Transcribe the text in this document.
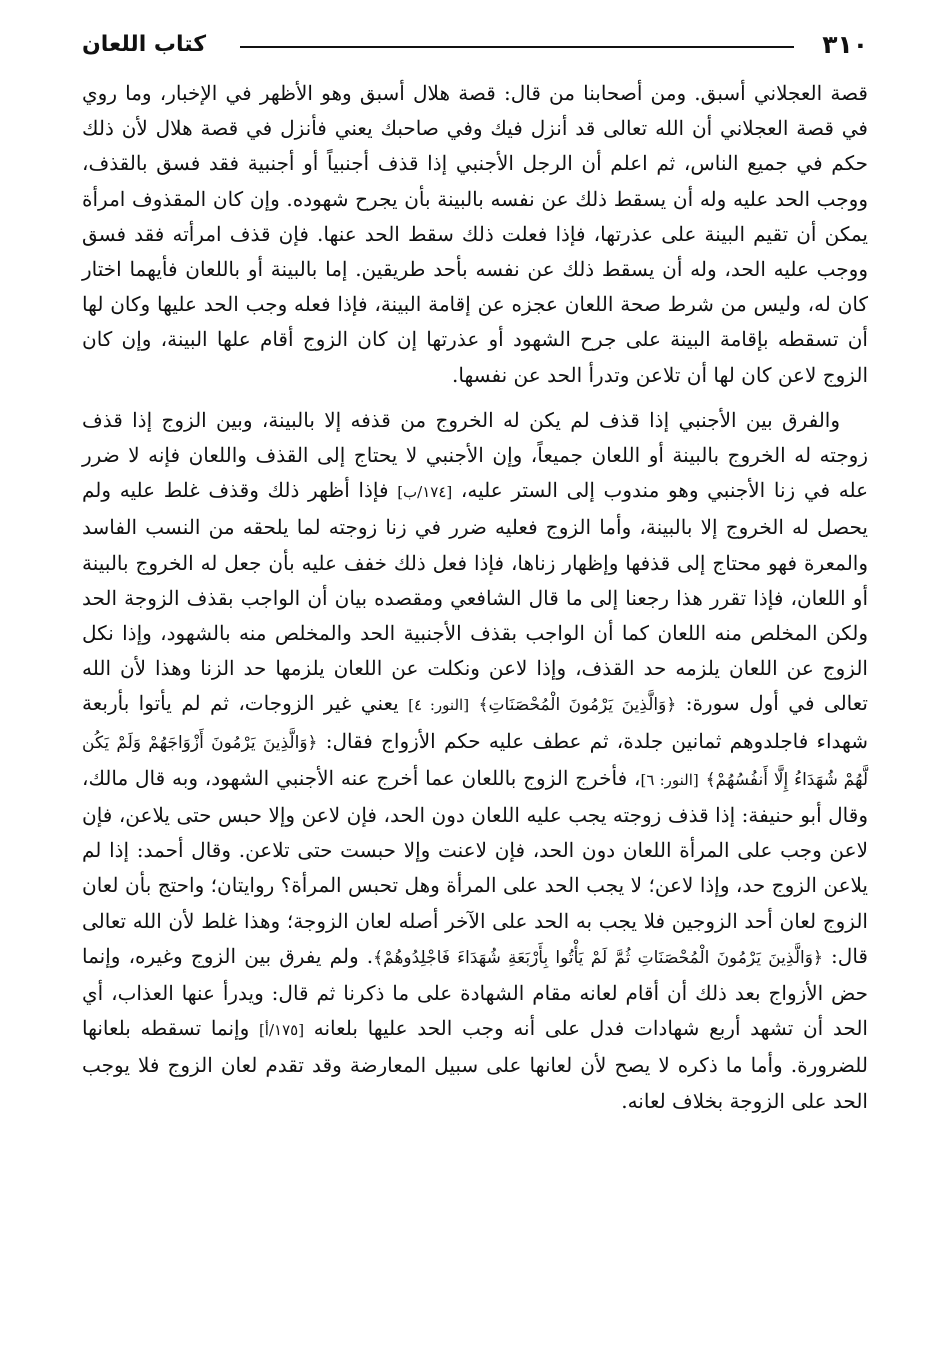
٣١٠
كتاب اللعان

قصة العجلاني أسبق. ومن أصحابنا من قال: قصة هلال أسبق وهو الأظهر في الإخبار، وما روي في قصة العجلاني أن الله تعالى قد أنزل فيك وفي صاحبك يعني فأنزل في قصة هلال لأن ذلك حكم في جميع الناس، ثم اعلم أن الرجل الأجنبي إذا قذف أجنبياً أو أجنبية فقد فسق بالقذف، ووجب الحد عليه وله أن يسقط ذلك عن نفسه بالبينة بأن يجرح شهوده. وإن كان المقذوف امرأة يمكن أن تقيم البينة على عذرتها، فإذا فعلت ذلك سقط الحد عنها. فإن قذف امرأته فقد فسق ووجب عليه الحد، وله أن يسقط ذلك عن نفسه بأحد طريقين. إما بالبينة أو باللعان فأيهما اختار كان له، وليس من شرط صحة اللعان عجزه عن إقامة البينة، فإذا فعله وجب الحد عليها وكان لها أن تسقطه بإقامة البينة على جرح الشهود أو عذرتها إن كان الزوج أقام علها البينة، وإن كان الزوج لاعن كان لها أن تلاعن وتدرأ الحد عن نفسها.

والفرق بين الأجنبي إذا قذف لم يكن له الخروج من قذفه إلا بالبينة، وبين الزوج إذا قذف زوجته له الخروج بالبينة أو اللعان جميعاً، وإن الأجنبي لا يحتاج إلى القذف واللعان فإنه لا ضرر عله في زنا الأجنبي وهو مندوب إلى الستر عليه، [١٧٤/ب] فإذا أظهر ذلك وقذف غلط عليه ولم يحصل له الخروج إلا بالبينة، وأما الزوج فعليه ضرر في زنا زوجته لما يلحقه من النسب الفاسد والمعرة فهو محتاج إلى قذفها وإظهار زناها، فإذا فعل ذلك خفف عليه بأن جعل له الخروج بالبينة أو اللعان، فإذا تقرر هذا رجعنا إلى ما قال الشافعي ومقصده بيان أن الواجب بقذف الزوجة الحد ولكن المخلص منه اللعان كما أن الواجب بقذف الأجنبية الحد والمخلص منه بالشهود، وإذا نكل الزوج عن اللعان يلزمه حد القذف، وإذا لاعن ونكلت عن اللعان يلزمها حد الزنا وهذا لأن الله تعالى في أول سورة: ﴿ وَالَّذِينَ يَرْمُونَ الْمُحْصَنَاتِ ﴾ [النور: ٤] يعني غير الزوجات، ثم لم يأتوا بأربعة شهداء فاجلدوهم ثمانين جلدة، ثم عطف عليه حكم الأزواج فقال: ﴿ وَالَّذِينَ يَرْمُونَ أَزْوَاجَهُمْ وَلَمْ يَكُن لَّهُمْ شُهَدَاءُ إِلَّا أَنفُسُهُمْ ﴾ [النور: ٦]، فأخرج الزوج باللعان عما أخرج عنه الأجنبي الشهود، وبه قال مالك، وقال أبو حنيفة: إذا قذف زوجته يجب عليه اللعان دون الحد، فإن لاعن وإلا حبس حتى يلاعن، فإن لاعن وجب على المرأة اللعان دون الحد، فإن لاعنت وإلا حبست حتى تلاعن. وقال أحمد: إذا لم يلاعن الزوج حد، وإذا لاعن؛ لا يجب الحد على المرأة وهل تحبس المرأة؟ روايتان؛ واحتج بأن لعان الزوج لعان أحد الزوجين فلا يجب به الحد على الآخر أصله لعان الزوجة؛ وهذا غلط لأن الله تعالى قال: ﴿ وَالَّذِينَ يَرْمُونَ الْمُحْصَنَاتِ ثُمَّ لَمْ يَأْتُوا بِأَرْبَعَةِ شُهَدَاءَ فَاجْلِدُوهُمْ ﴾. ولم يفرق بين الزوج وغيره، وإنما حض الأزواج بعد ذلك أن أقام لعانه مقام الشهادة على ما ذكرنا ثم قال: ويدرأ عنها العذاب، أي الحد أن تشهد أربع شهادات فدل على أنه وجب الحد عليها بلعانه [١٧٥/أ] وإنما تسقطه بلعانها للضرورة. وأما ما ذكره لا يصح لأن لعانها على سبيل المعارضة وقد تقدم لعان الزوج فلا يوجب الحد على الزوجة بخلاف لعانه.
